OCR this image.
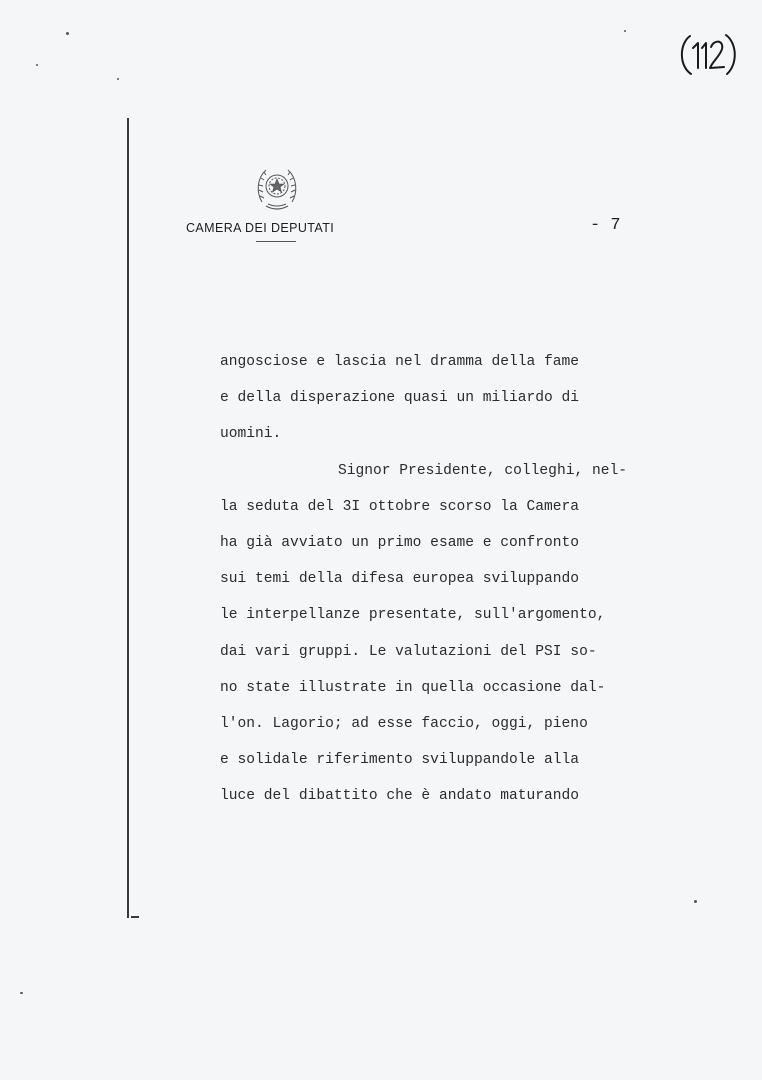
CAMERA DEI DEPUTATI	- 7
angosciose e lascia nel dramma della fame
e della disperazione quasi un miliardo di
uomini.
Signor Presidente, colleghi, nel-
la seduta del 3I ottobre scorso la Camera
ha già avviato un primo esame e confronto
sui temi della difesa europea sviluppando
le interpellanze presentate, sull'argomento,
dai vari gruppi. Le valutazioni del PSI so-
no state illustrate in quella occasione dal-
l'on. Lagorio; ad esse faccio, oggi, pieno
e solidale riferimento sviluppandole alla
luce del dibattito che è andato maturando
